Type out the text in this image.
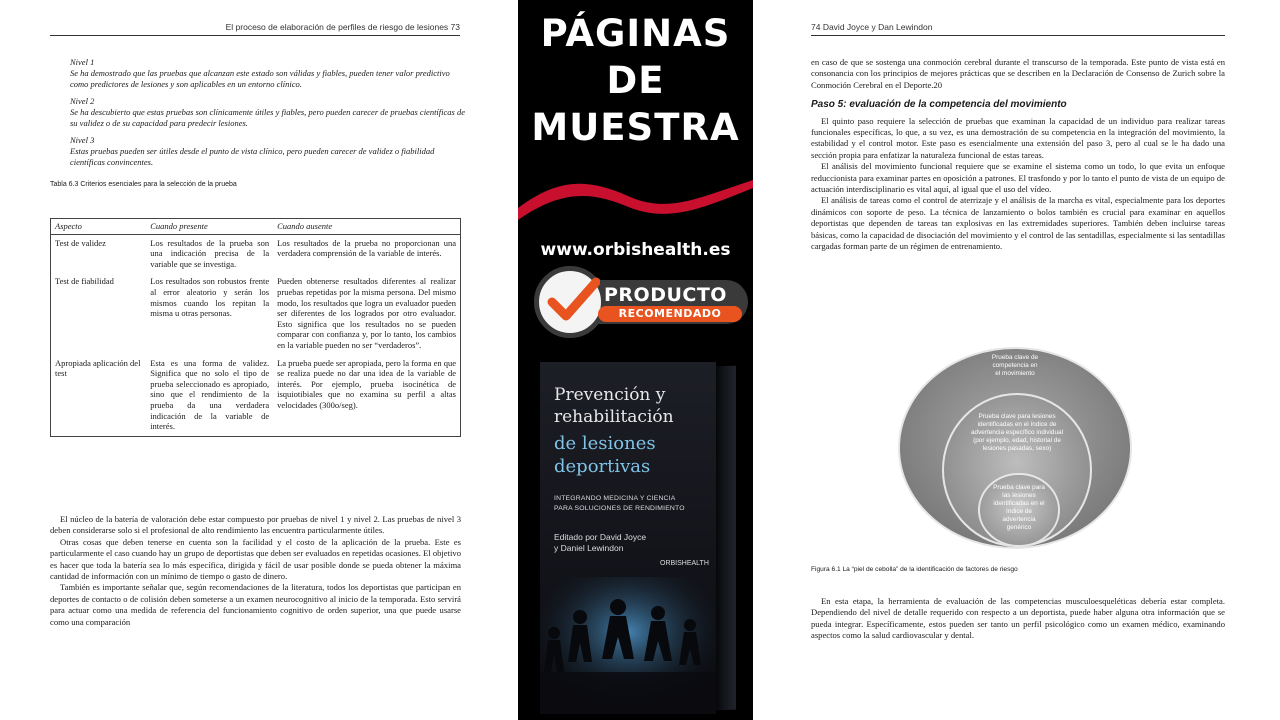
El proceso de elaboración de perfiles de riesgo de lesiones 73
Nivel 1
Se ha demostrado que las pruebas que alcanzan este estado son válidas y fiables, pueden tener valor predictivo como predictores de lesiones y son aplicables en un entorno clínico.
Nivel 2
Se ha descubierto que estas pruebas son clínicamente útiles y fiables, pero pueden carecer de pruebas científicas de su validez o de su capacidad para predecir lesiones.
Nivel 3
Estas pruebas pueden ser útiles desde el punto de vista clínico, pero pueden carecer de validez o fiabilidad científicas convincentes.
Tabla 6.3 Criterios esenciales para la selección de la prueba
Aspecto	Cuando presente	Cuando ausente
Test de validez	Los resultados de la prueba son una indicación precisa de la variable que se investiga.	Los resultados de la prueba no proporcionan una verdadera comprensión de la variable de interés.
Test de fiabilidad	Los resultados son robustos frente al error aleatorio y serán los mismos cuando los repitan la misma u otras personas.	Pueden obtenerse resultados diferentes al realizar pruebas repetidas por la misma persona. Del mismo modo, los resultados que logra un evaluador pueden ser diferentes de los logrados por otro evaluador. Esto significa que los resultados no se pueden comparar con confianza y, por lo tanto, los cambios en la variable pueden no ser “verdaderos”.
Apropiada aplicación del test	Esta es una forma de validez. Significa que no solo el tipo de prueba seleccionado es apropiado, sino que el rendimiento de la prueba da una verdadera indicación de la variable de interés.	La prueba puede ser apropiada, pero la forma en que se realiza puede no dar una idea de la variable de interés. Por ejemplo, prueba isocinética de isquiotibiales que no examina su perfil a altas velocidades (300o/seg).

El núcleo de la batería de valoración debe estar compuesto por pruebas de nivel 1 y nivel 2. Las pruebas de nivel 3 deben considerarse solo si el profesional de alto rendimiento las encuentra particularmente útiles.

Otras cosas que deben tenerse en cuenta son la facilidad y el costo de la aplicación de la prueba. Este es particularmente el caso cuando hay un grupo de deportistas que deben ser evaluados en repetidas ocasiones. El objetivo es hacer que toda la batería sea lo más específica, dirigida y fácil de usar posible donde se pueda obtener la máxima cantidad de información con un mínimo de tiempo o gasto de dinero.

También es importante señalar que, según recomendaciones de la literatura, todos los deportistas que participan en deportes de contacto o de colisión deben someterse a un examen neurocognitivo al inicio de la temporada. Esto servirá para actuar como una medida de referencia del funcionamiento cognitivo de orden superior, una que puede usarse como una comparación

PÁGINAS
DE
MUESTRA
www.orbishealth.es
PRODUCTO
RECOMENDADO
Prevención y
rehabilitación
de lesiones
deportivas
INTEGRANDO MEDICINA Y CIENCIA
PARA SOLUCIONES DE RENDIMIENTO
Editado por David Joyce
y Daniel Lewindon
ORBISHEALTH
74 David Joyce y Dan Lewindon

en caso de que se sostenga una conmoción cerebral durante el transcurso de la temporada. Este punto de vista está en consonancia con los principios de mejores prácticas que se describen en la Declaración de Consenso de Zurich sobre la Conmoción Cerebral en el Deporte.20

Paso 5: evaluación de la competencia del movimiento

El quinto paso requiere la selección de pruebas que examinan la capacidad de un individuo para realizar tareas funcionales específicas, lo que, a su vez, es una demostración de su competencia en la integración del movimiento, la estabilidad y el control motor. Este paso es esencialmente una extensión del paso 3, pero al cual se le ha dado una sección propia para enfatizar la naturaleza funcional de estas tareas.

El análisis del movimiento funcional requiere que se examine el sistema como un todo, lo que evita un enfoque reduccionista para examinar partes en oposición a patrones. El trasfondo y por lo tanto el punto de vista de un equipo de actuación interdisciplinario es vital aquí, al igual que el uso del vídeo.

El análisis de tareas como el control de aterrizaje y el análisis de la marcha es vital, especialmente para los deportes dinámicos con soporte de peso. La técnica de lanzamiento o bolos también es crucial para examinar en aquellos deportistas que dependen de tareas tan explosivas en las extremidades superiores. También deben incluirse tareas básicas, como la capacidad de disociación del movimiento y el control de las sentadillas, especialmente si las sentadillas cargadas forman parte de un régimen de entrenamiento.

Prueba clave de
competencia en
el movimiento
Prueba clave para lesiones
identificadas en el índice de
advertencia específico individual
(por ejemplo, edad, historial de
lesiones pasadas, sexo)
Prueba clave para
las lesiones
identificadas en el
índice de
advertencia
genérico
Figura 6.1 La “piel de cebolla” de la identificación de factores de riesgo

En esta etapa, la herramienta de evaluación de las competencias musculoesqueléticas debería estar completa. Dependiendo del nivel de detalle requerido con respecto a un deportista, puede haber alguna otra información que se pueda integrar. Específicamente, estos pueden ser tanto un perfil psicológico como un examen médico, examinando aspectos como la salud cardiovascular y dental.
